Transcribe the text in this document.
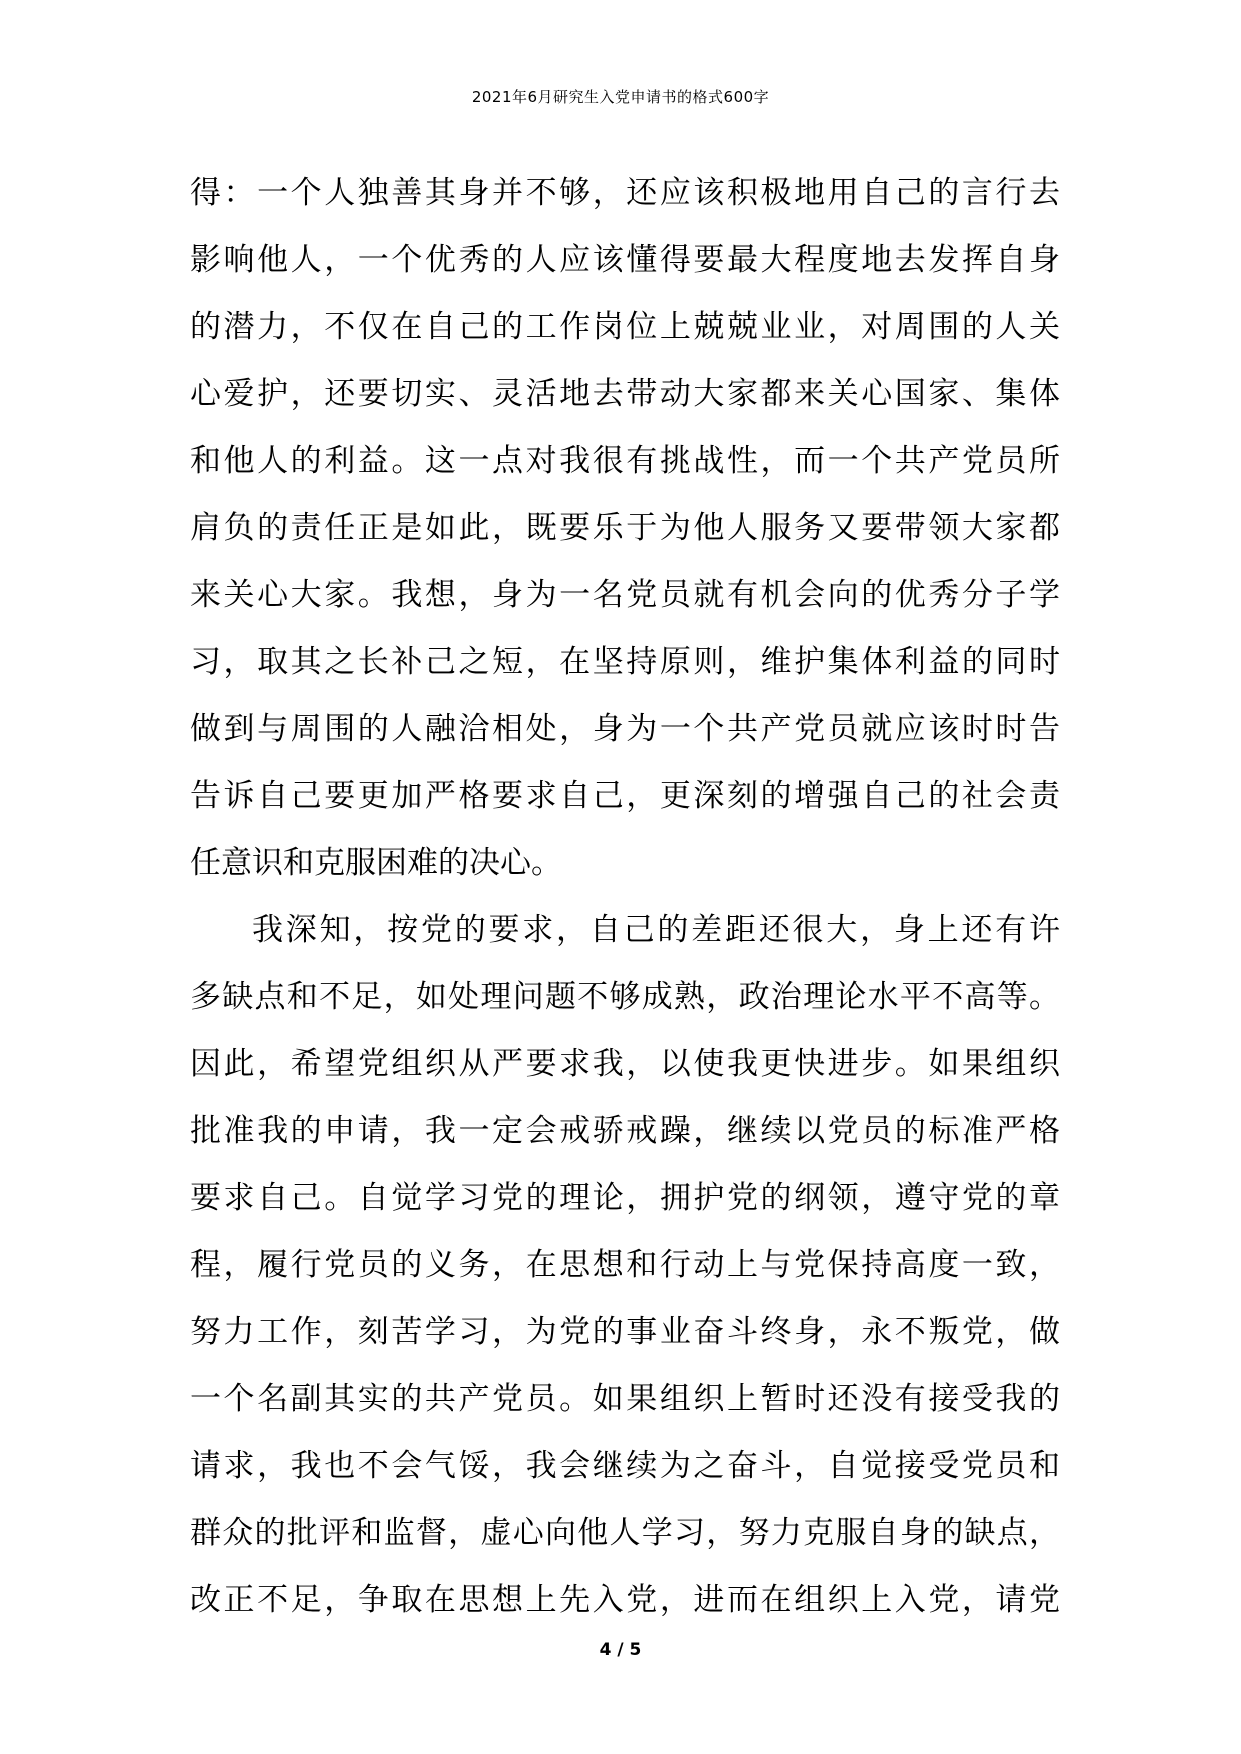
2021年6月研究生入党申请书的格式600字
得：一个人独善其身并不够，还应该积极地用自己的言行去
影响他人，一个优秀的人应该懂得要最大程度地去发挥自身
的潜力，不仅在自己的工作岗位上兢兢业业，对周围的人关
心爱护，还要切实、灵活地去带动大家都来关心国家、集体
和他人的利益。这一点对我很有挑战性，而一个共产党员所
肩负的责任正是如此，既要乐于为他人服务又要带领大家都
来关心大家。我想，身为一名党员就有机会向的优秀分子学
习，取其之长补己之短，在坚持原则，维护集体利益的同时
做到与周围的人融洽相处，身为一个共产党员就应该时时告
告诉自己要更加严格要求自己，更深刻的增强自己的社会责
任意识和克服困难的决心。
我深知，按党的要求，自己的差距还很大，身上还有许
多缺点和不足，如处理问题不够成熟，政治理论水平不高等。
因此，希望党组织从严要求我，以使我更快进步。如果组织
批准我的申请，我一定会戒骄戒躁，继续以党员的标准严格
要求自己。自觉学习党的理论，拥护党的纲领，遵守党的章
程，履行党员的义务，在思想和行动上与党保持高度一致，
努力工作，刻苦学习，为党的事业奋斗终身，永不叛党，做
一个名副其实的共产党员。如果组织上暂时还没有接受我的
请求，我也不会气馁，我会继续为之奋斗，自觉接受党员和
群众的批评和监督，虚心向他人学习，努力克服自身的缺点，
改正不足，争取在思想上先入党，进而在组织上入党，请党
4 / 5
